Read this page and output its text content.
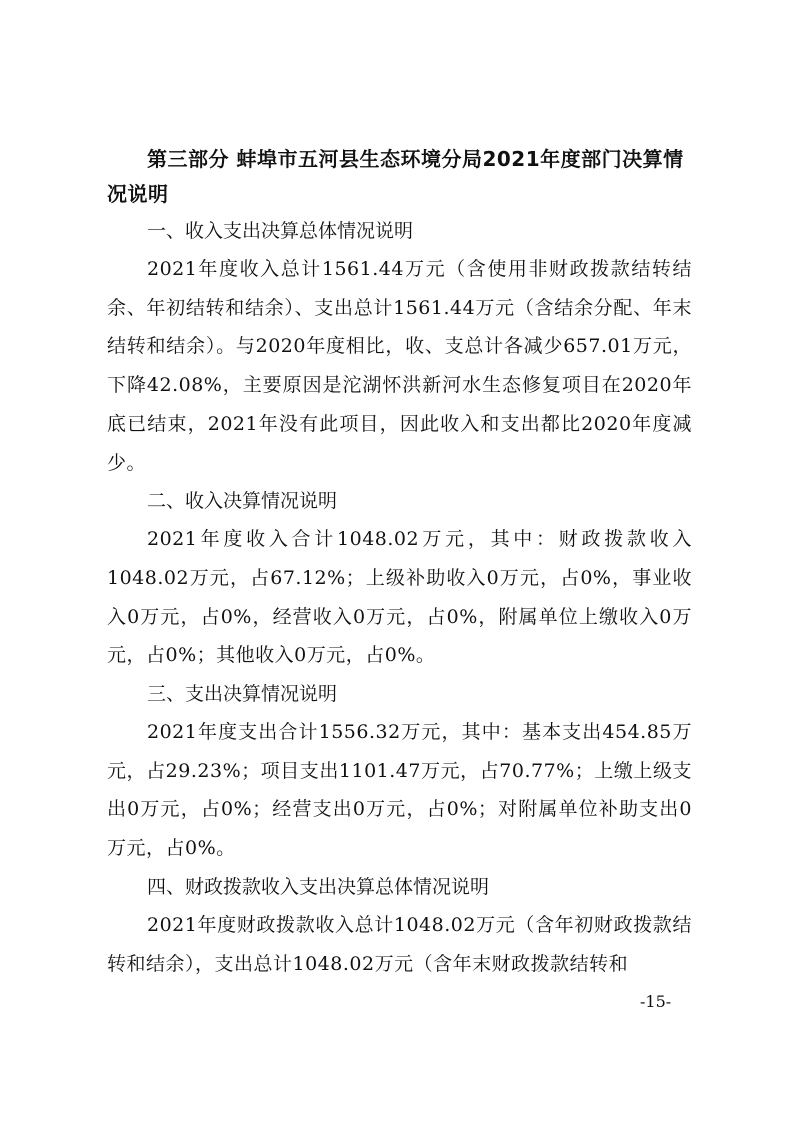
第三部分 蚌埠市五河县生态环境分局2021年度部门决算情况说明

一、收入支出决算总体情况说明

2021年度收入总计1561.44万元（含使用非财政拨款结转结余、年初结转和结余）、支出总计1561.44万元（含结余分配、年末结转和结余）。与2020年度相比，收、支总计各减少657.01万元，下降42.08%，主要原因是沱湖怀洪新河水生态修复项目在2020年底已结束，2021年没有此项目，因此收入和支出都比2020年度减少。

二、收入决算情况说明

2021年度收入合计1048.02万元，其中：财政拨款收入1048.02万元，占67.12%；上级补助收入0万元，占0%，事业收入0万元，占0%，经营收入0万元，占0%，附属单位上缴收入0万元，占0%；其他收入0万元，占0%。

三、支出决算情况说明

2021年度支出合计1556.32万元，其中：基本支出454.85万元，占29.23%；项目支出1101.47万元，占70.77%；上缴上级支出0万元，占0%；经营支出0万元，占0%；对附属单位补助支出0万元，占0%。

四、财政拨款收入支出决算总体情况说明

2021年度财政拨款收入总计1048.02万元（含年初财政拨款结转和结余），支出总计1048.02万元（含年末财政拨款结转和

-15-
